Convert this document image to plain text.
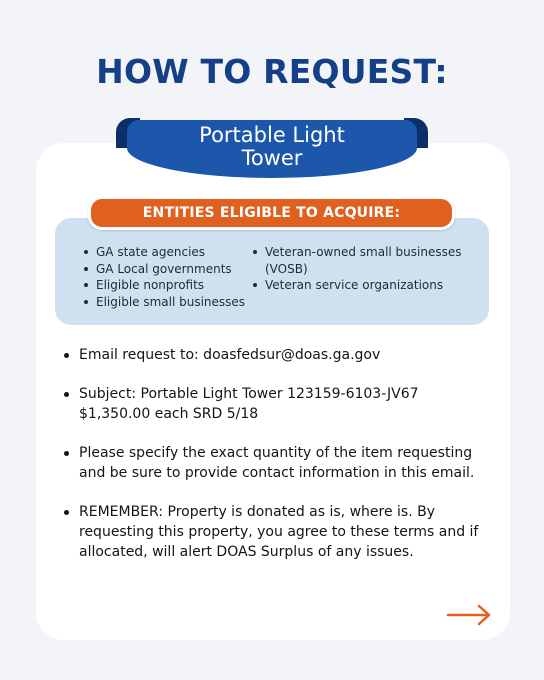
HOW TO REQUEST:
Portable Light
Tower
ENTITIES ELIGIBLE TO ACQUIRE:
GA state agencies
GA Local governments
Eligible nonprofits
Eligible small businesses
Veteran-owned small businesses (VOSB)
Veteran service organizations
Email request to: doasfedsur@doas.ga.gov
Subject: Portable Light Tower 123159-6103-JV67 $1,350.00 each SRD 5/18
Please specify the exact quantity of the item requesting and be sure to provide contact information in this email.
REMEMBER: Property is donated as is, where is. By requesting this property, you agree to these terms and if allocated, will alert DOAS Surplus of any issues.
